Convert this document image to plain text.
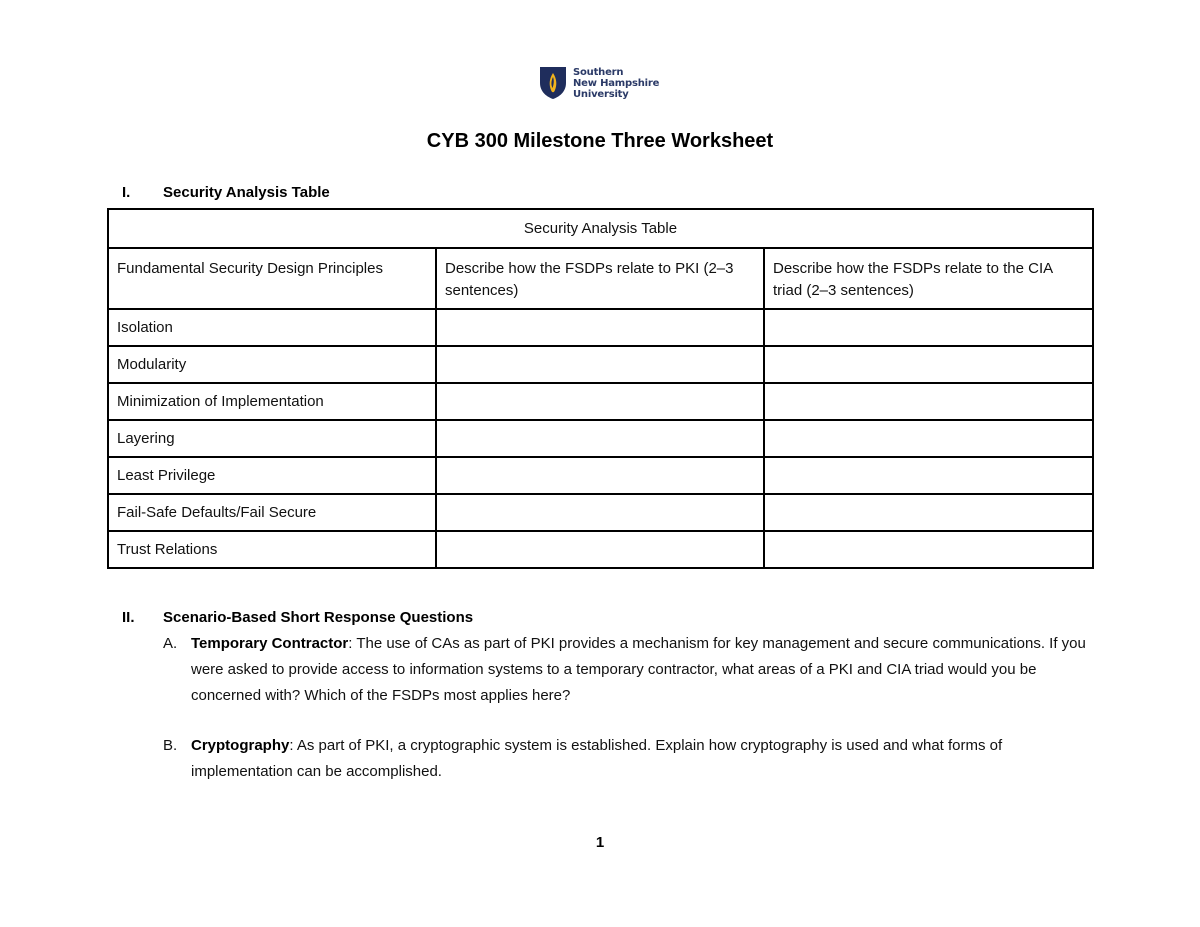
Southern
New Hampshire
University
CYB 300 Milestone Three Worksheet
I.	Security Analysis Table
Security Analysis Table		
Fundamental Security Design Principles	Describe how the FSDPs relate to PKI (2–3 sentences)	Describe how the FSDPs relate to the CIA triad (2–3 sentences)
Isolation		
Modularity		
Minimization of Implementation		
Layering		
Least Privilege		
Fail-Safe Defaults/Fail Secure		
Trust Relations		
II.	Scenario-Based Short Response Questions
A. Temporary Contractor: The use of CAs as part of PKI provides a mechanism for key management and secure communications. If you were asked to provide access to information systems to a temporary contractor, what areas of a PKI and CIA triad would you be concerned with? Which of the FSDPs most applies here?
B. Cryptography: As part of PKI, a cryptographic system is established. Explain how cryptography is used and what forms of implementation can be accomplished.
1
